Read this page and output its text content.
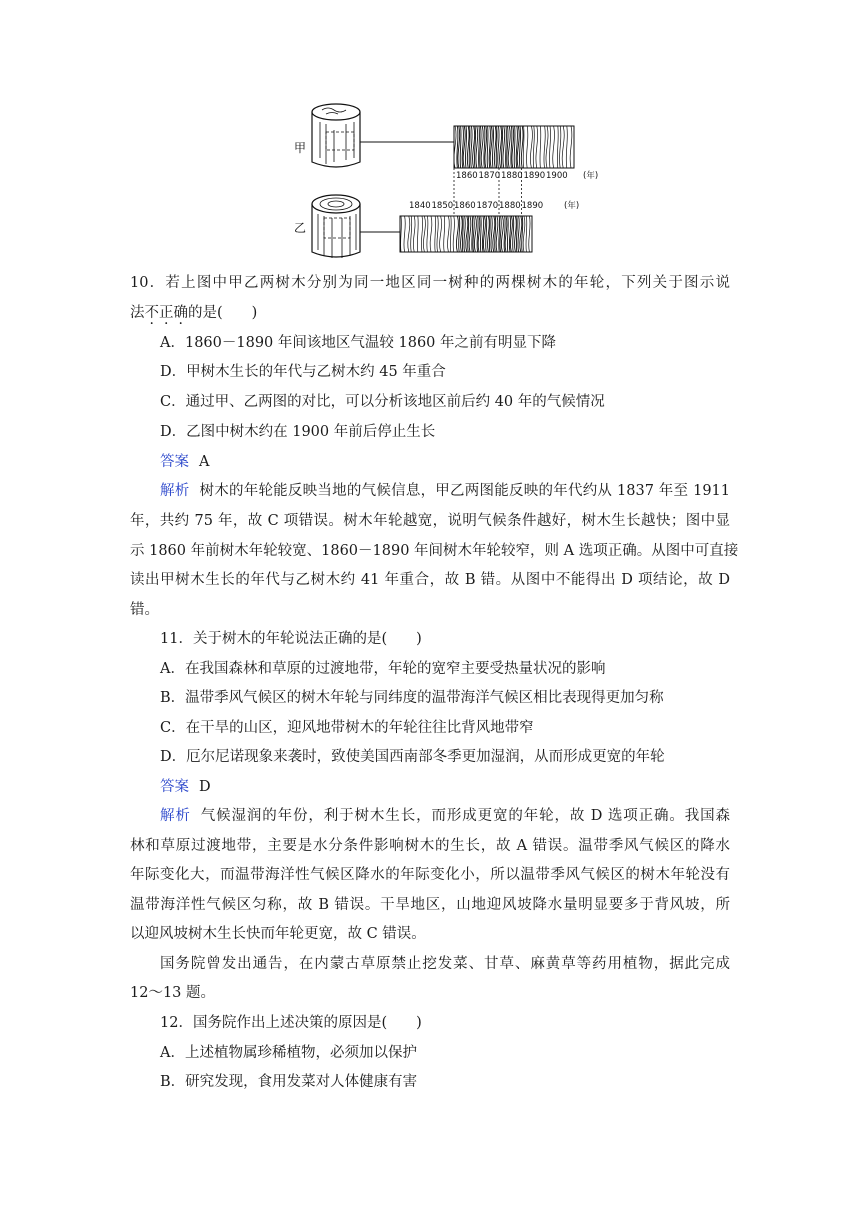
甲
乙
1860 1870 1880 1890 1900 (年)
1840 1850 1860 1870 1880 1890 (年)
10．若上图中甲乙两树木分别为同一地区同一树种的两棵树木的年轮，下列关于图示说
法不正确的是(　　)
A．1860－1890 年间该地区气温较 1860 年之前有明显下降
D．甲树木生长的年代与乙树木约 45 年重合
C．通过甲、乙两图的对比，可以分析该地区前后约 40 年的气候情况
D．乙图中树木约在 1900 年前后停止生长
答案 A
解析 树木的年轮能反映当地的气候信息，甲乙两图能反映的年代约从 1837 年至 1911
年，共约 75 年，故 C 项错误。树木年轮越宽，说明气候条件越好，树木生长越快；图中显
示 1860 年前树木年轮较宽、1860－1890 年间树木年轮较窄，则 A 选项正确。从图中可直接
读出甲树木生长的年代与乙树木约 41 年重合，故 B 错。从图中不能得出 D 项结论，故 D
错。
11．关于树木的年轮说法正确的是(　　)
A．在我国森林和草原的过渡地带，年轮的宽窄主要受热量状况的影响
B．温带季风气候区的树木年轮与同纬度的温带海洋气候区相比表现得更加匀称
C．在干旱的山区，迎风地带树木的年轮往往比背风地带窄
D．厄尔尼诺现象来袭时，致使美国西南部冬季更加湿润，从而形成更宽的年轮
答案 D
解析 气候湿润的年份，利于树木生长，而形成更宽的年轮，故 D 选项正确。我国森
林和草原过渡地带，主要是水分条件影响树木的生长，故 A 错误。温带季风气候区的降水
年际变化大，而温带海洋性气候区降水的年际变化小，所以温带季风气候区的树木年轮没有
温带海洋性气候区匀称，故 B 错误。干旱地区，山地迎风坡降水量明显要多于背风坡，所
以迎风坡树木生长快而年轮更宽，故 C 错误。
国务院曾发出通告，在内蒙古草原禁止挖发菜、甘草、麻黄草等药用植物，据此完成
12～13 题。
12．国务院作出上述决策的原因是(　　)
A．上述植物属珍稀植物，必须加以保护
B．研究发现，食用发菜对人体健康有害
